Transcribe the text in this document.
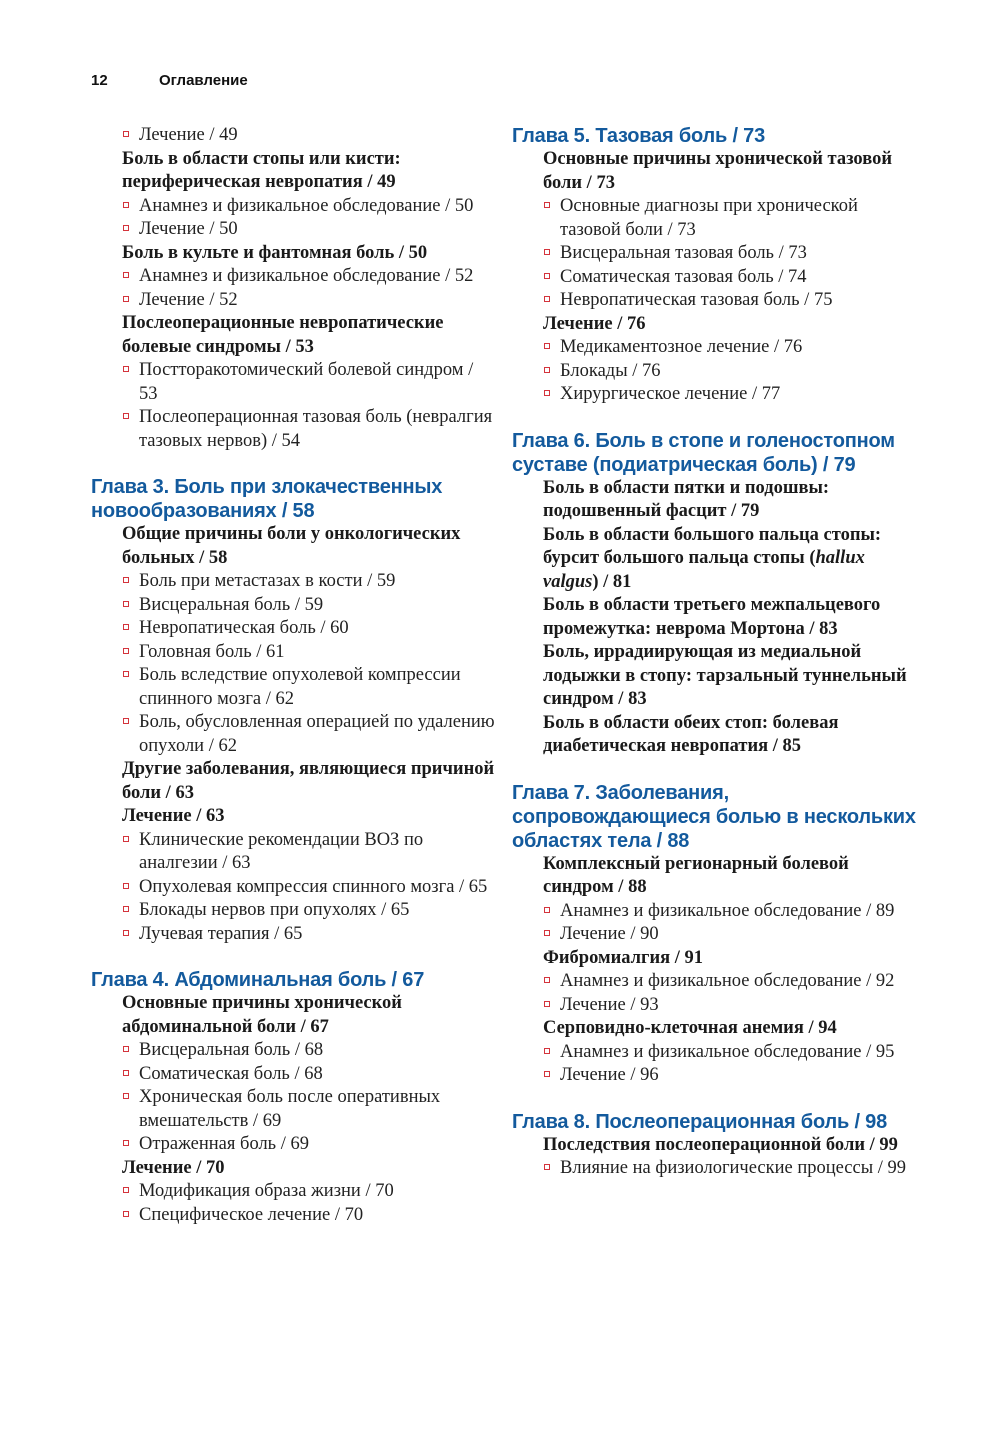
12	Оглавление
Лечение / 49
Боль в области стопы или кисти: периферическая невропатия / 49
Анамнез и физикальное обследование / 50
Лечение / 50
Боль в культе и фантомная боль / 50
Анамнез и физикальное обследование / 52
Лечение / 52
Послеоперационные невропатические болевые синдромы / 53
Постторакотомический болевой синдром / 53
Послеоперационная тазовая боль (невралгия тазовых нервов) / 54
Глава 3. Боль при злокачественных новообразованиях / 58
Общие причины боли у онкологических больных / 58
Боль при метастазах в кости / 59
Висцеральная боль / 59
Невропатическая боль / 60
Головная боль / 61
Боль вследствие опухолевой компрессии спинного мозга / 62
Боль, обусловленная операцией по удалению опухоли / 62
Другие заболевания, являющиеся причиной боли / 63
Лечение / 63
Клинические рекомендации ВОЗ по аналгезии / 63
Опухолевая компрессия спинного мозга / 65
Блокады нервов при опухолях / 65
Лучевая терапия / 65
Глава 4. Абдоминальная боль / 67
Основные причины хронической абдоминальной боли / 67
Висцеральная боль / 68
Соматическая боль / 68
Хроническая боль после оперативных вмешательств / 69
Отраженная боль / 69
Лечение / 70
Модификация образа жизни / 70
Специфическое лечение / 70
Глава 5. Тазовая боль / 73
Основные причины хронической тазовой боли / 73
Основные диагнозы при хронической тазовой боли / 73
Висцеральная тазовая боль / 73
Соматическая тазовая боль / 74
Невропатическая тазовая боль / 75
Лечение / 76
Медикаментозное лечение / 76
Блокады / 76
Хирургическое лечение / 77
Глава 6. Боль в стопе и голеностопном суставе (подиатрическая боль) / 79
Боль в области пятки и подошвы: подошвенный фасцит / 79
Боль в области большого пальца стопы: бурсит большого пальца стопы (hallux valgus) / 81
Боль в области третьего межпальцевого промежутка: неврома Мортона / 83
Боль, иррадиирующая из медиальной лодыжки в стопу: тарзальный туннельный синдром / 83
Боль в области обеих стоп: болевая диабетическая невропатия / 85
Глава 7. Заболевания, сопровождающиеся болью в нескольких областях тела / 88
Комплексный регионарный болевой синдром / 88
Анамнез и физикальное обследование / 89
Лечение / 90
Фибромиалгия / 91
Анамнез и физикальное обследование / 92
Лечение / 93
Серповидно-клеточная анемия / 94
Анамнез и физикальное обследование / 95
Лечение / 96
Глава 8. Послеоперационная боль / 98
Последствия послеоперационной боли / 99
Влияние на физиологические процессы / 99
